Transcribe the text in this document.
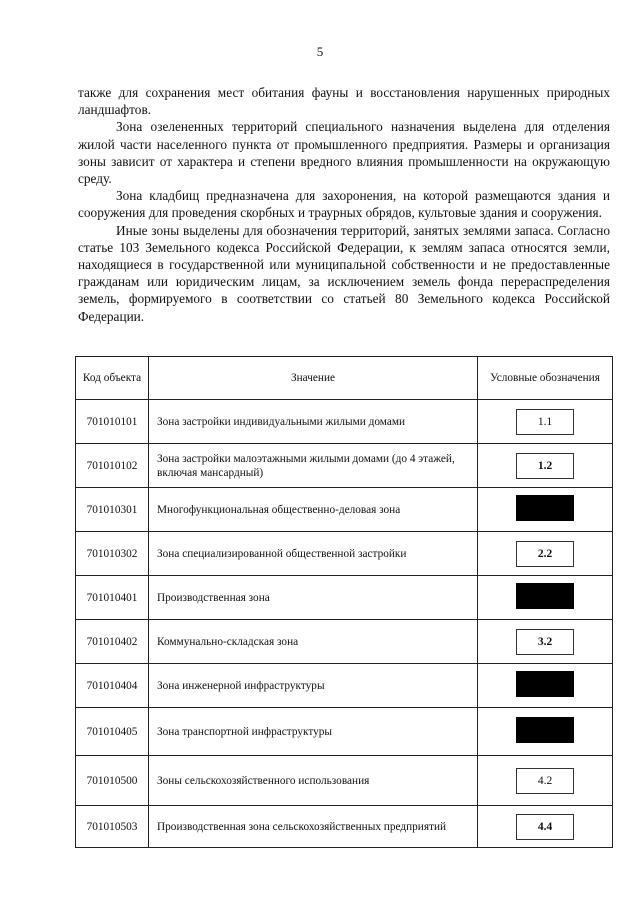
5

также для сохранения мест обитания фауны и восстановления нарушенных природных ландшафтов.

Зона озелененных территорий специального назначения выделена для отделения жилой части населенного пункта от промышленного предприятия. Размеры и организация зоны зависит от характера и степени вредного влияния промышленности на окружающую среду.

Зона кладбищ предназначена для захоронения, на которой размещаются здания и сооружения для проведения скорбных и траурных обрядов, культовые здания и сооружения.

Иные зоны выделены для обозначения территорий, занятых землями запаса. Согласно статье 103 Земельного кодекса Российской Федерации, к землям запаса относятся земли, находящиеся в государственной или муниципальной собственности и не предоставленные гражданам или юридическим лицам, за исключением земель фонда перераспределения земель, формируемого в соответствии со статьей 80 Земельного кодекса Российской Федерации.

Код объекта	Значение	Условные обозначения
701010101	Зона застройки индивидуальными жилыми домами	1.1
701010102	Зона застройки малоэтажными жилыми домами (до 4 этажей, включая мансардный)	1.2
701010301	Многофункциональная общественно-деловая зона	
701010302	Зона специализированной общественной застройки	2.2
701010401	Производственная зона	
701010402	Коммунально-складская зона	3.2
701010404	Зона инженерной инфраструктуры	
701010405	Зона транспортной инфраструктуры	
701010500	Зоны сельскохозяйственного использования	4.2
701010503	Производственная зона сельскохозяйственных предприятий	4.4
